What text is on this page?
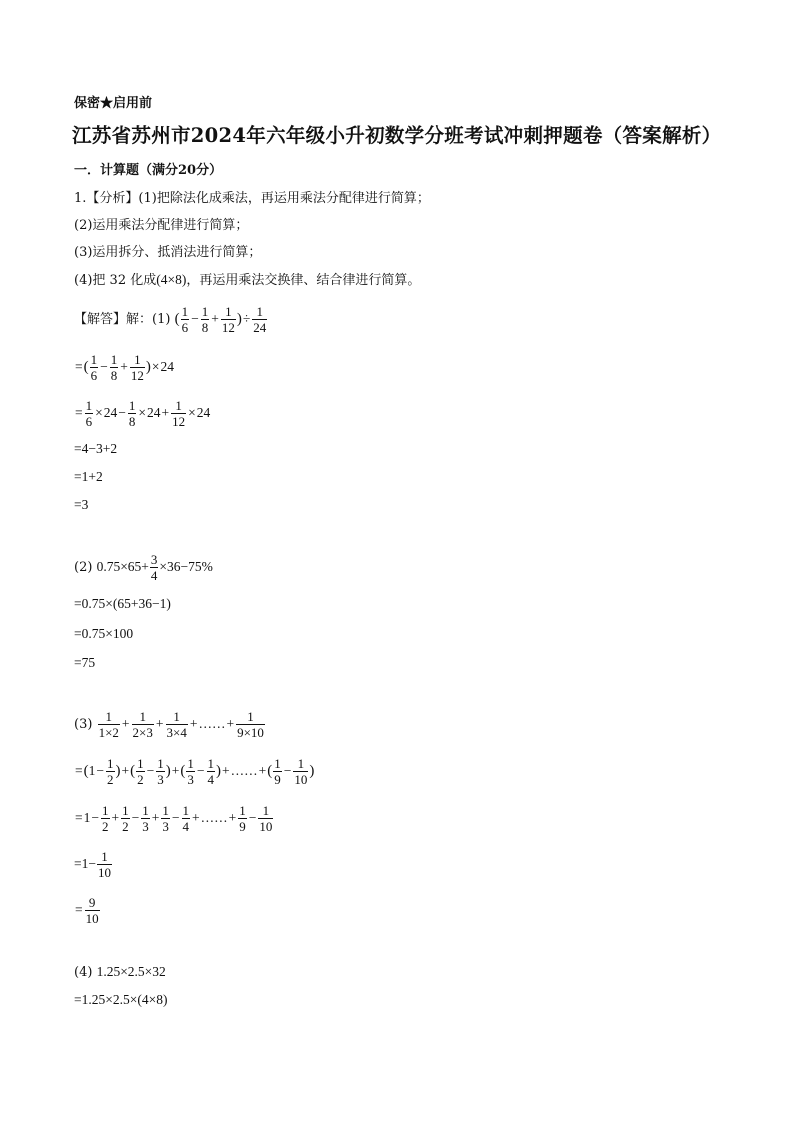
保密★启用前
江苏省苏州市2024年六年级小升初数学分班考试冲刺押题卷（答案解析）
一．计算题（满分20分）
1.【分析】(1)把除法化成乘法，再运用乘法分配律进行简算；
(2)运用乘法分配律进行简算；
(3)运用拆分、抵消法进行简算；
(4)把 32 化成(4×8)，再运用乘法交换律、结合律进行简算。
【解答】解：(1) ( $\frac{1}{6} - \frac{1}{8} + \frac{1}{12}$ )÷ $\frac{1}{24}$
=( $\frac{1}{6} - \frac{1}{8} + \frac{1}{12} )\times 24$
= $\frac{1}{6} \times 24- \frac{1}{8} \times 24+ \frac{1}{12} \times 24$
=4−3+2
=1+2
=3
(2) $0.75\times 65+ \frac{3}{4} \times 36-75\%$
=0.75×(65+36−1)
=0.75×100
=75
$(3) \frac{1}{1\times 2} + \frac{1}{2\times 3} + \frac{1}{3\times 4}$ +……+ $\frac{1}{9\times 10}$
$=(1- \frac{1}{2}$ )+( $\frac{1}{2} - \frac{1}{3}$ )+( $\frac{1}{3} - \frac{1}{4}$ )+……+( $\frac{1}{9} - \frac{1}{10}$ )
$=1- \frac{1}{2} + \frac{1}{2} - \frac{1}{3} + \frac{1}{3} - \frac{1}{4}$ +……+ $\frac{1}{9} - \frac{1}{10}$
$=1- \frac{1}{10}$
= $\frac{9}{10}$
(4) 1.25×2.5×32
=1.25×2.5×(4×8)
